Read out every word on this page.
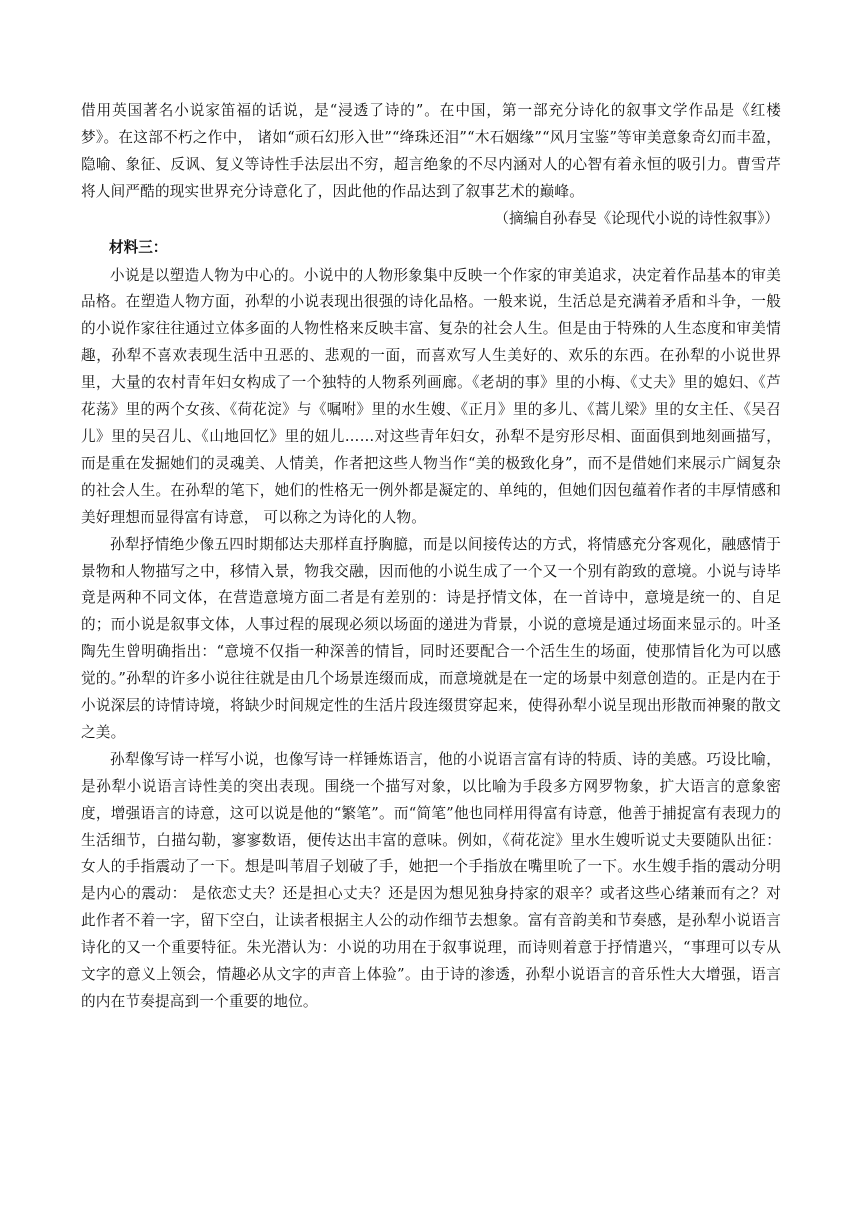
借用英国著名小说家笛福的话说，是“浸透了诗的”。在中国，第一部充分诗化的叙事文学作品是《红楼梦》。在这部不朽之作中， 诸如“顽石幻形入世”“绛珠还泪”“木石姻缘”“风月宝鉴”等审美意象奇幻而丰盈，隐喻、象征、反讽、复义等诗性手法层出不穷，超言绝象的不尽内涵对人的心智有着永恒的吸引力。曹雪芹将人间严酷的现实世界充分诗意化了，因此他的作品达到了叙事艺术的巅峰。

（摘编自孙春旻《论现代小说的诗性叙事》）

材料三：

小说是以塑造人物为中心的。小说中的人物形象集中反映一个作家的审美追求，决定着作品基本的审美品格。在塑造人物方面，孙犁的小说表现出很强的诗化品格。一般来说，生活总是充满着矛盾和斗争，一般的小说作家往往通过立体多面的人物性格来反映丰富、复杂的社会人生。但是由于特殊的人生态度和审美情趣，孙犁不喜欢表现生活中丑恶的、悲观的一面，而喜欢写人生美好的、欢乐的东西。在孙犁的小说世界里，大量的农村青年妇女构成了一个独特的人物系列画廊。《老胡的事》里的小梅、《丈夫》里的媳妇、《芦花荡》里的两个女孩、《荷花淀》与《嘱咐》里的水生嫂、《正月》里的多儿、《蒿儿梁》里的女主任、《吴召儿》里的吴召儿、《山地回忆》里的妞儿……对这些青年妇女，孙犁不是穷形尽相、面面俱到地刻画描写，而是重在发掘她们的灵魂美、人情美，作者把这些人物当作“美的极致化身”，而不是借她们来展示广阔复杂的社会人生。在孙犁的笔下，她们的性格无一例外都是凝定的、单纯的，但她们因包蕴着作者的丰厚情感和美好理想而显得富有诗意， 可以称之为诗化的人物。

孙犁抒情绝少像五四时期郁达夫那样直抒胸臆，而是以间接传达的方式，将情感充分客观化，融感情于景物和人物描写之中，移情入景，物我交融，因而他的小说生成了一个又一个别有韵致的意境。小说与诗毕竟是两种不同文体，在营造意境方面二者是有差别的：诗是抒情文体，在一首诗中，意境是统一的、自足的；而小说是叙事文体，人事过程的展现必须以场面的递进为背景，小说的意境是通过场面来显示的。叶圣陶先生曾明确指出：“意境不仅指一种深善的情旨，同时还要配合一个活生生的场面，使那情旨化为可以感觉的。”孙犁的许多小说往往就是由几个场景连缀而成，而意境就是在一定的场景中刻意创造的。正是内在于小说深层的诗情诗境，将缺少时间规定性的生活片段连缀贯穿起来，使得孙犁小说呈现出形散而神聚的散文之美。

孙犁像写诗一样写小说，也像写诗一样锤炼语言，他的小说语言富有诗的特质、诗的美感。巧设比喻，是孙犁小说语言诗性美的突出表现。围绕一个描写对象，以比喻为手段多方网罗物象，扩大语言的意象密度，增强语言的诗意，这可以说是他的“繁笔”。而“简笔”他也同样用得富有诗意，他善于捕捉富有表现力的生活细节，白描勾勒，寥寥数语，便传达出丰富的意味。例如，《荷花淀》里水生嫂听说丈夫要随队出征：女人的手指震动了一下。想是叫苇眉子划破了手，她把一个手指放在嘴里吮了一下。水生嫂手指的震动分明是内心的震动： 是依恋丈夫？还是担心丈夫？还是因为想见独身持家的艰辛？或者这些心绪兼而有之？对此作者不着一字，留下空白，让读者根据主人公的动作细节去想象。富有音韵美和节奏感，是孙犁小说语言诗化的又一个重要特征。朱光潜认为：小说的功用在于叙事说理，而诗则着意于抒情遣兴，“事理可以专从文字的意义上领会，情趣必从文字的声音上体验”。由于诗的渗透，孙犁小说语言的音乐性大大增强，语言的内在节奏提高到一个重要的地位。
